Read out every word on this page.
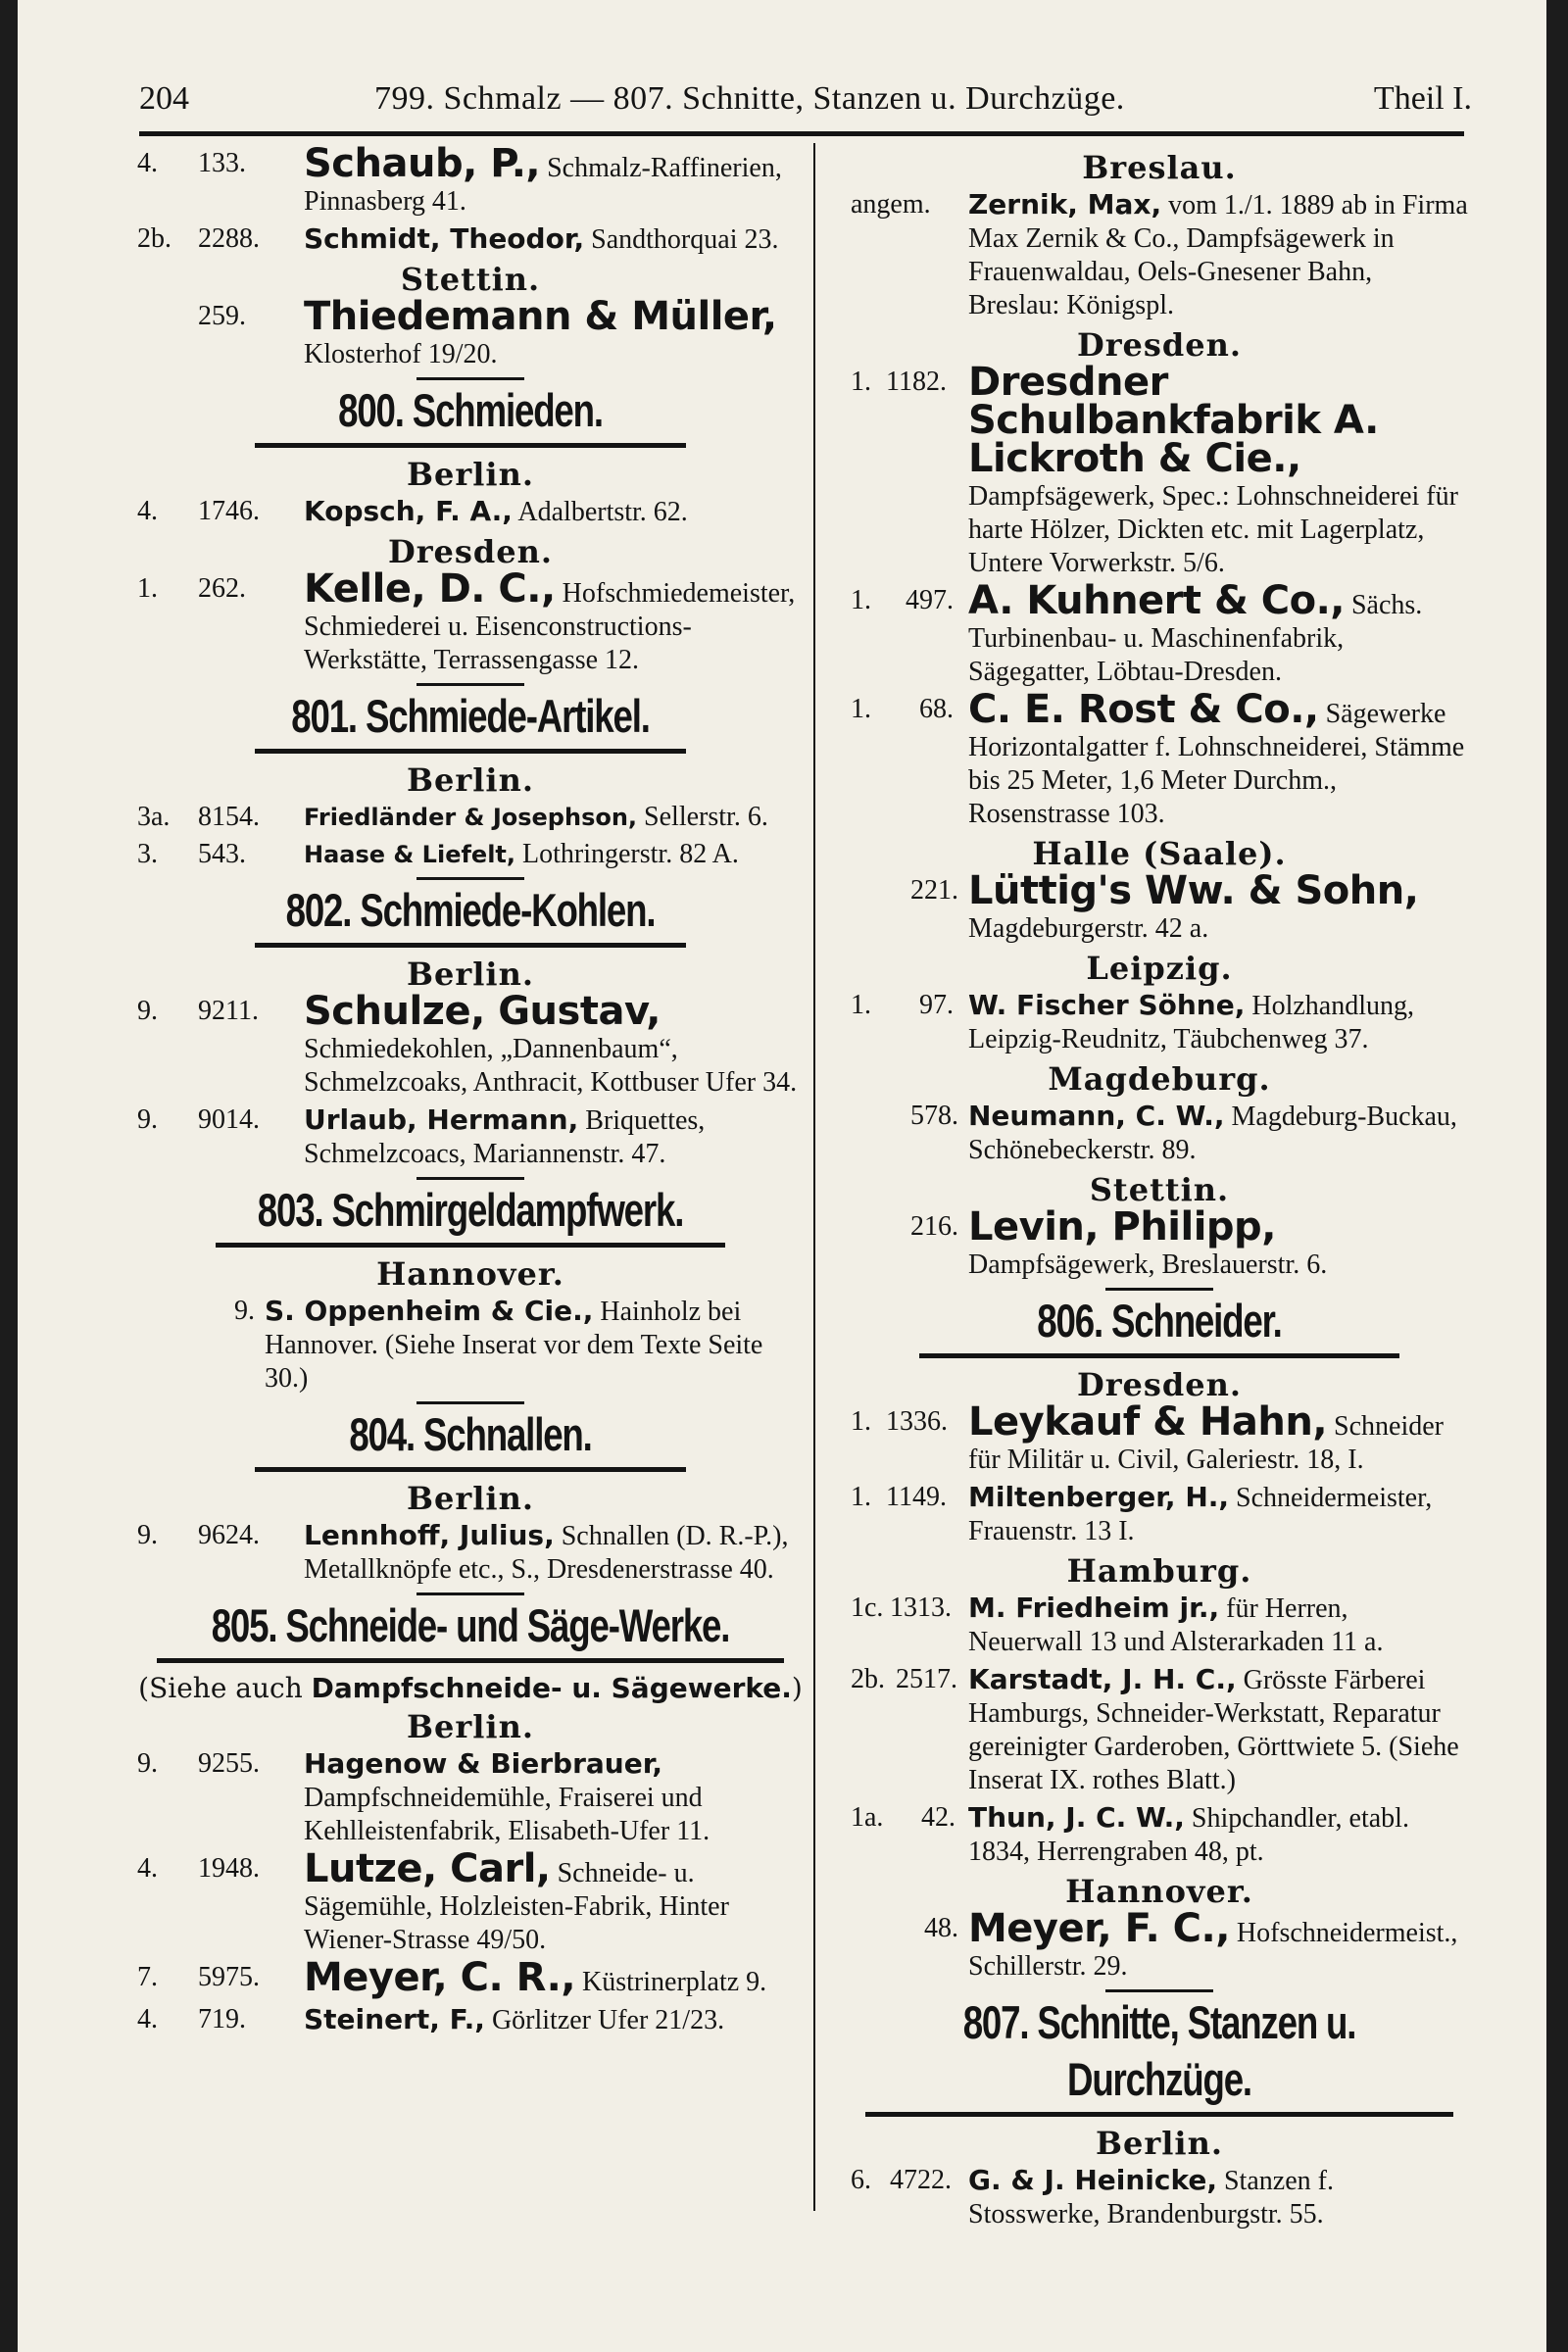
204	799. Schmalz — 807. Schnitte, Stanzen u. Durchzüge.	Theil I.
4. 133.	Schaub, P., Schmalz-Raffinerien, Pinnasberg 41.
2b. 2288.	Schmidt, Theodor, Sandthorquai 23.
Stettin.
259.	Thiedemann & Müller, Klosterhof 19/20.
800. Schmieden.
Berlin.
4. 1746.	Kopsch, F. A., Adalbertstr. 62.
Dresden.
1. 262.	Kelle, D. C., Hofschmiedemeister, Schmiederei u. Eisenconstructions-Werkstätte, Terrassengasse 12.
801. Schmiede-Artikel.
Berlin.
3a. 8154.	Friedländer & Josephson, Sellerstr. 6.
3. 543.	Haase & Liefelt, Lothringerstr. 82 A.
802. Schmiede-Kohlen.
Berlin.
9. 9211.	Schulze, Gustav, Schmiedekohlen, „Dannenbaum“, Schmelzcoaks, Anthracit, Kottbuser Ufer 34.
9. 9014.	Urlaub, Hermann, Briquettes, Schmelzcoacs, Mariannenstr. 47.
803. Schmirgeldampfwerk.
Hannover.
9. S. Oppenheim & Cie., Hainholz bei Hannover. (Siehe Inserat vor dem Texte Seite 30.)
804. Schnallen.
Berlin.
9. 9624.	Lennhoff, Julius, Schnallen (D. R.-P.), Metallknöpfe etc., S., Dresdenerstrasse 40.
805. Schneide- und Säge-Werke.
(Siehe auch Dampfschneide- u. Sägewerke.)
Berlin.
9. 9255.	Hagenow & Bierbrauer, Dampfschneidemühle, Fraiserei und Kehlleistenfabrik, Elisabeth-Ufer 11.
4. 1948.	Lutze, Carl, Schneide- u. Sägemühle, Holzleisten-Fabrik, Hinter Wiener-Strasse 49/50.
7. 5975.	Meyer, C. R., Küstrinerplatz 9.
4. 719.	Steinert, F., Görlitzer Ufer 21/23.
Breslau.
angem.	Zernik, Max, vom 1./1. 1889 ab in Firma Max Zernik & Co., Dampfsägewerk in Frauenwaldau, Oels-Gnesener Bahn, Breslau: Königspl.
Dresden.
1. 1182. Dresdner Schulbankfabrik A. Lickroth & Cie., Dampfsägewerk, Spec.: Lohnschneiderei für harte Hölzer, Dickten etc. mit Lagerplatz, Untere Vorwerkstr. 5/6.
1. 497. A. Kuhnert & Co., Sächs. Turbinenbau- u. Maschinenfabrik, Sägegatter, Löbtau-Dresden.
1. 68. C. E. Rost & Co., Sägewerke Horizontalgatter f. Lohnschneiderei, Stämme bis 25 Meter, 1,6 Meter Durchm., Rosenstrasse 103.
Halle (Saale).
221. Lüttig's Ww. & Sohn, Magdeburgerstr. 42 a.
Leipzig.
1. 97. W. Fischer Söhne, Holzhandlung, Leipzig-Reudnitz, Täubchenweg 37.
Magdeburg.
578. Neumann, C. W., Magdeburg-Buckau, Schönebeckerstr. 89.
Stettin.
216. Levin, Philipp, Dampfsägewerk, Breslauerstr. 6.
806. Schneider.
Dresden.
1. 1336. Leykauf & Hahn, Schneider für Militär u. Civil, Galeriestr. 18, I.
1. 1149. Miltenberger, H., Schneidermeister, Frauenstr. 13 I.
Hamburg.
1c. 1313. M. Friedheim jr., für Herren, Neuerwall 13 und Alsterarkaden 11 a.
2b. 2517. Karstadt, J. H. C., Grösste Färberei Hamburgs, Schneider-Werkstatt, Reparatur gereinigter Garderoben, Görttwiete 5. (Siehe Inserat IX. rothes Blatt.)
1a. 42. Thun, J. C. W., Shipchandler, etabl. 1834, Herrengraben 48, pt.
Hannover.
48. Meyer, F. C., Hofschneidermeist., Schillerstr. 29.
807. Schnitte, Stanzen u. Durchzüge.
Berlin.
6. 4722. G. & J. Heinicke, Stanzen f. Stosswerke, Brandenburgstr. 55.
